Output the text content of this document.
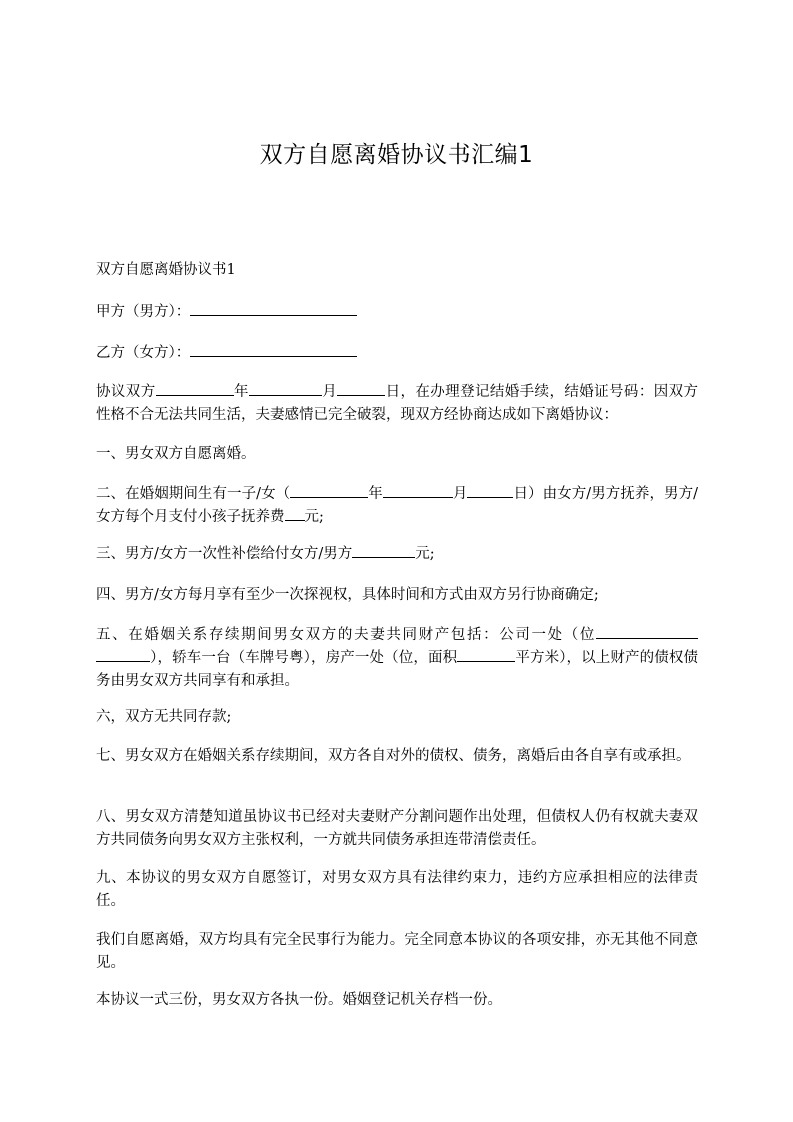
双方自愿离婚协议书汇编1

双方自愿离婚协议书1

甲方（男方）：

乙方（女方）：

协议双方	年	月	日，在办理登记结婚手续，结婚证号码：因双方性格不合无法共同生活，夫妻感情已完全破裂，现双方经协商达成如下离婚协议：

一、男女双方自愿离婚。

二、在婚姻期间生有一子/女（	年	月	日）由女方/男方抚养，男方/女方每个月支付小孩子抚养费 元;

三、男方/女方一次性补偿给付女方/男方	元;

四、男方/女方每月享有至少一次探视权，具体时间和方式由双方另行协商确定;

五、在婚姻关系存续期间男女双方的夫妻共同财产包括：公司一处（位），轿车一台（车牌号粤），房产一处（位，面积	平方米），以上财产的债权债务由男女双方共同享有和承担。

六，双方无共同存款;

七、男女双方在婚姻关系存续期间，双方各自对外的债权、债务，离婚后由各自享有或承担。

八、男女双方清楚知道虽协议书已经对夫妻财产分割问题作出处理，但债权人仍有权就夫妻双方共同债务向男女双方主张权利，一方就共同债务承担连带清偿责任。

九、本协议的男女双方自愿签订，对男女双方具有法律约束力，违约方应承担相应的法律责任。

我们自愿离婚，双方均具有完全民事行为能力。完全同意本协议的各项安排，亦无其他不同意见。

本协议一式三份，男女双方各执一份。婚姻登记机关存档一份。
